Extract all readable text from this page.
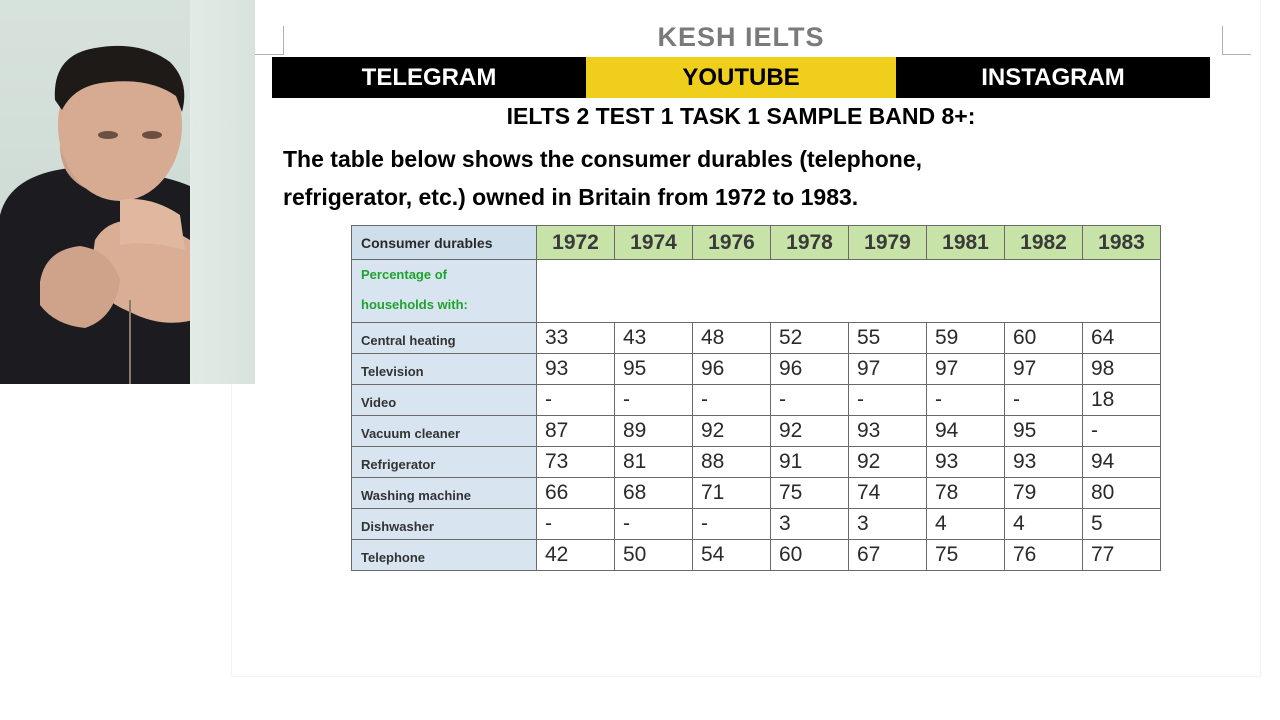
KESH IELTS
TELEGRAM	YOUTUBE	INSTAGRAM
IELTS 2 TEST 1 TASK 1 SAMPLE BAND 8+:

The table below shows the consumer durables (telephone,
refrigerator, etc.) owned in Britain from 1972 to 1983.

Consumer durables	1972	1974	1976	1978	1979	1981	1982	1983
Percentage of
households with:								
Central heating	33	43	48	52	55	59	60	64
Television	93	95	96	96	97	97	97	98
Video	-	-	-	-	-	-	-	18
Vacuum cleaner	87	89	92	92	93	94	95	-
Refrigerator	73	81	88	91	92	93	93	94
Washing machine	66	68	71	75	74	78	79	80
Dishwasher	-	-	-	3	3	4	4	5
Telephone	42	50	54	60	67	75	76	77
